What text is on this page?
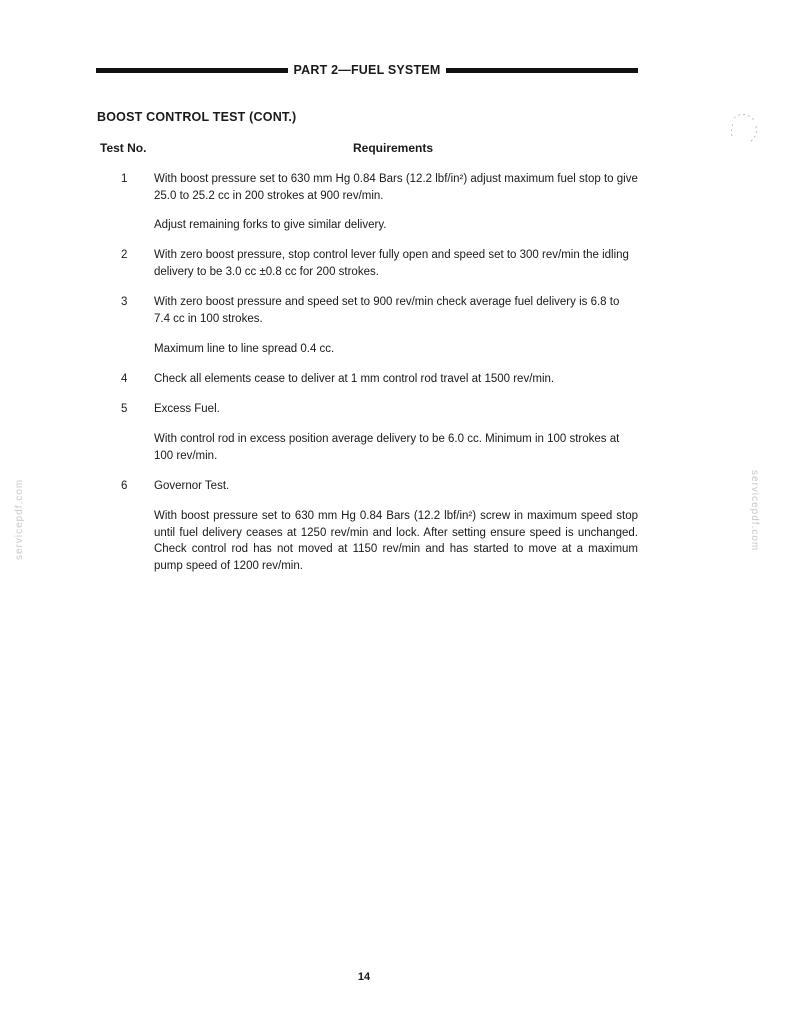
PART 2—FUEL SYSTEM
BOOST CONTROL TEST (CONT.)
Test No.	Requirements
1 With boost pressure set to 630 mm Hg 0.84 Bars (12.2 lbf/in²) adjust maximum fuel stop to give 25.0 to 25.2 cc in 200 strokes at 900 rev/min.
Adjust remaining forks to give similar delivery.
2 With zero boost pressure, stop control lever fully open and speed set to 300 rev/min the idling delivery to be 3.0 cc ±0.8 cc for 200 strokes.
3 With zero boost pressure and speed set to 900 rev/min check average fuel delivery is 6.8 to 7.4 cc in 100 strokes.
Maximum line to line spread 0.4 cc.
4 Check all elements cease to deliver at 1 mm control rod travel at 1500 rev/min.
5 Excess Fuel.
With control rod in excess position average delivery to be 6.0 cc. Minimum in 100 strokes at 100 rev/min.
6 Governor Test.
With boost pressure set to 630 mm Hg 0.84 Bars (12.2 lbf/in²) screw in maximum speed stop until fuel delivery ceases at 1250 rev/min and lock. After setting ensure speed is unchanged. Check control rod has not moved at 1150 rev/min and has started to move at a maximum pump speed of 1200 rev/min.
servicepdf.com	servicepdf.com
14
